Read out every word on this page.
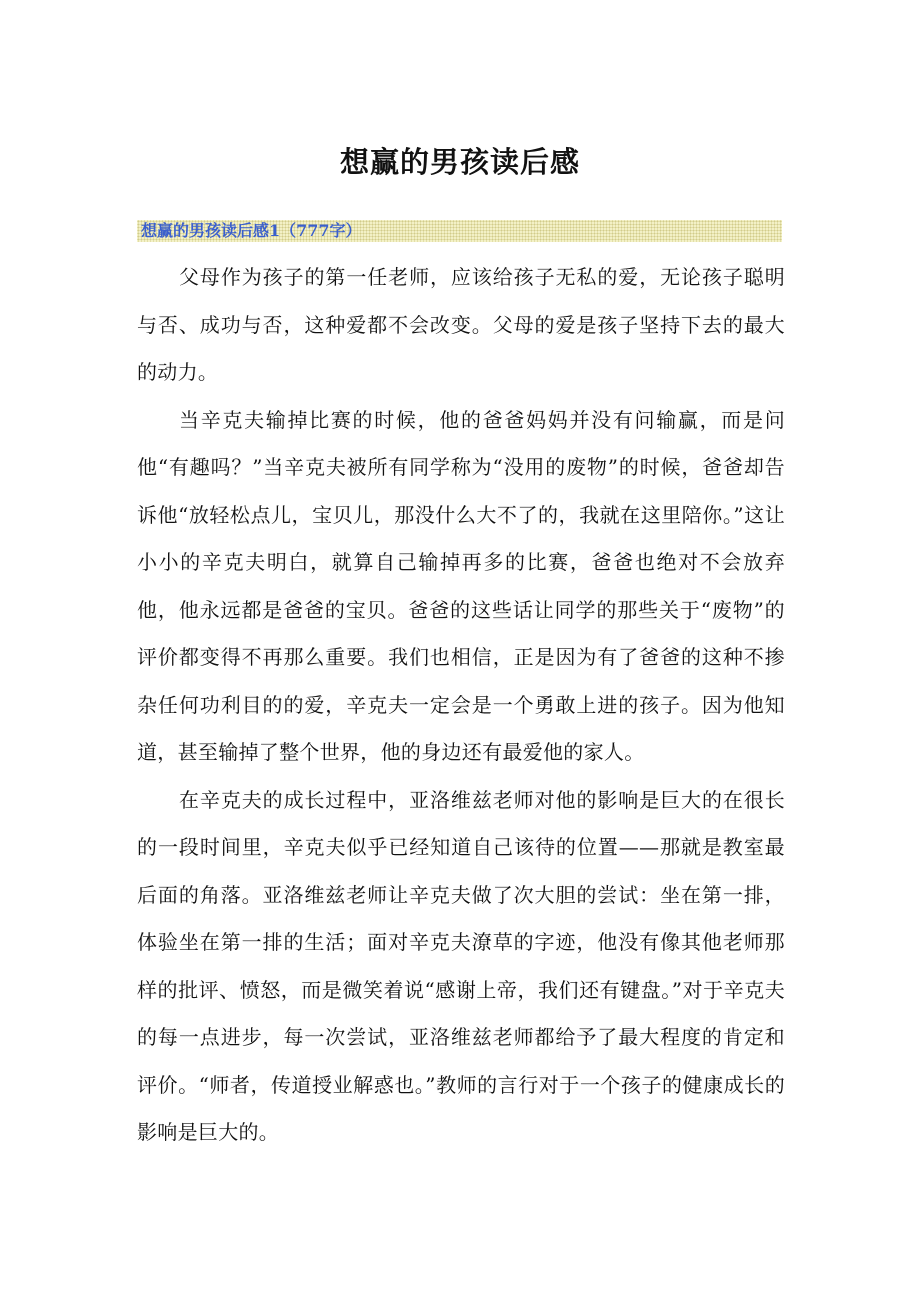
想赢的男孩读后感
想赢的男孩读后感1（777字）

父母作为孩子的第一任老师，应该给孩子无私的爱，无论孩子聪明与否、成功与否，这种爱都不会改变。父母的爱是孩子坚持下去的最大的动力。

当辛克夫输掉比赛的时候，他的爸爸妈妈并没有问输赢，而是问他“有趣吗？”当辛克夫被所有同学称为“没用的废物”的时候，爸爸却告诉他“放轻松点儿，宝贝儿，那没什么大不了的，我就在这里陪你。”这让小小的辛克夫明白，就算自己输掉再多的比赛，爸爸也绝对不会放弃他，他永远都是爸爸的宝贝。爸爸的这些话让同学的那些关于“废物”的评价都变得不再那么重要。我们也相信，正是因为有了爸爸的这种不掺杂任何功利目的的爱，辛克夫一定会是一个勇敢上进的孩子。因为他知道，甚至输掉了整个世界，他的身边还有最爱他的家人。

在辛克夫的成长过程中，亚洛维兹老师对他的影响是巨大的在很长的一段时间里，辛克夫似乎已经知道自己该待的位置——那就是教室最后面的角落。亚洛维兹老师让辛克夫做了次大胆的尝试：坐在第一排，体验坐在第一排的生活；面对辛克夫潦草的字迹，他没有像其他老师那样的批评、愤怒，而是微笑着说“感谢上帝，我们还有键盘。”对于辛克夫的每一点进步，每一次尝试，亚洛维兹老师都给予了最大程度的肯定和评价。“师者，传道授业解惑也。”教师的言行对于一个孩子的健康成长的影响是巨大的。
